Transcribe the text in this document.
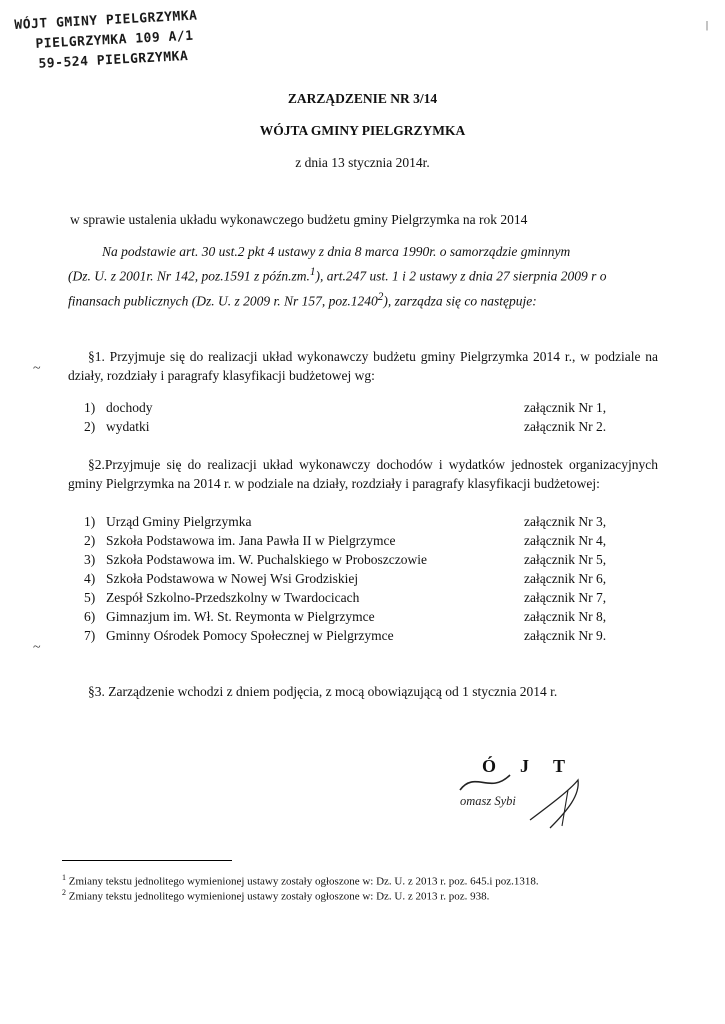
WÓJT GMINY PIELGRZYMKA
PIELGRZYMKA 109 A/1
59-524 PIELGRZYMKA
|
ZARZĄDZENIE NR 3/14
WÓJTA GMINY PIELGRZYMKA
z dnia 13 stycznia 2014r.
w sprawie ustalenia układu wykonawczego budżetu gminy Pielgrzymka na rok 2014
Na podstawie art. 30 ust.2 pkt 4 ustawy z dnia 8 marca 1990r. o samorządzie gminnym
(Dz. U. z 2001r. Nr 142, poz.1591 z późn.zm.$^1$), art.247 ust. 1 i 2 ustawy z dnia 27 sierpnia 2009 r o
finansach publicznych (Dz. U. z 2009 r. Nr 157, poz.1240$^2$), zarządza się co następuje:
§1. Przyjmuje się do realizacji układ wykonawczy budżetu gminy Pielgrzymka 2014 r., w podziale na działy, rozdziały i paragrafy klasyfikacji budżetowej wg:
~
1) dochody	załącznik Nr 1,
2) wydatki	załącznik Nr 2.
§2.Przyjmuje się do realizacji układ wykonawczy dochodów i wydatków jednostek organizacyjnych gminy Pielgrzymka na 2014 r. w podziale na działy, rozdziały i paragrafy klasyfikacji budżetowej:
1) Urząd Gminy Pielgrzymka	załącznik Nr 3,
2) Szkoła Podstawowa im. Jana Pawła II w Pielgrzymce	załącznik Nr 4,
3) Szkoła Podstawowa im. W. Puchalskiego w Proboszczowie	załącznik Nr 5,
4) Szkoła Podstawowa w Nowej Wsi Grodziskiej	załącznik Nr 6,
5) Zespół Szkolno-Przedszkolny w Twardocicach	załącznik Nr 7,
6) Gimnazjum im. Wł. St. Reymonta w Pielgrzymce	załącznik Nr 8,
7) Gminny Ośrodek Pomocy Społecznej w Pielgrzymce	załącznik Nr 9.
~
§3. Zarządzenie wchodzi z dniem podjęcia, z mocą obowiązującą od 1 stycznia 2014 r.
ÓJT
omasz Sybi
$^1$ Zmiany tekstu jednolitego wymienionej ustawy zostały ogłoszone w: Dz. U. z 2013 r. poz. 645.i poz.1318.
$^2$ Zmiany tekstu jednolitego wymienionej ustawy zostały ogłoszone w: Dz. U. z 2013 r. poz. 938.
